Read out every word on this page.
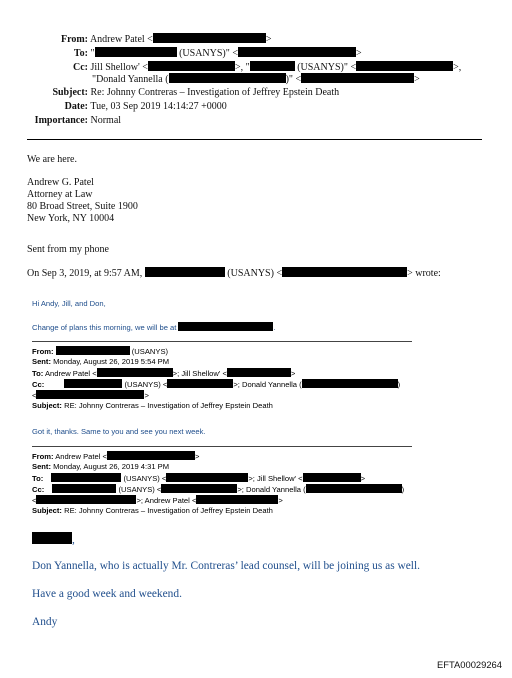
From: Andrew Patel <	>
To: "	(USANYS)" <	>
Cc: Jill Shellow' <	>, "	(USANYS)" <	>,
"Donald Yannella (	)" <	>
Subject: Re: Johnny Contreras – Investigation of Jeffrey Epstein Death
Date: Tue, 03 Sep 2019 14:14:27 +0000
Importance: Normal
We are here.
Andrew G. Patel
Attorney at Law
80 Broad Street, Suite 1900
New York, NY 10004
Sent from my phone
On Sep 3, 2019, at 9:57 AM,	(USANYS) <	> wrote:
Hi Andy, Jill, and Don,
Change of plans this morning, we will be at	.
From:	(USANYS)
Sent: Monday, August 26, 2019 5:54 PM
To: Andrew Patel <	>; Jill Shellow' <	>
Cc:	(USANYS) <	>; Donald Yannella (	)
<	>
Subject: RE: Johnny Contreras – Investigation of Jeffrey Epstein Death
Got it, thanks. Same to you and see you next week.
From: Andrew Patel <	>
Sent: Monday, August 26, 2019 4:31 PM
To:	(USANYS) <	>; Jill Shellow' <	>
Cc:	(USANYS) <	>; Donald Yannella (	)
<	>; Andrew Patel <	>
Subject: RE: Johnny Contreras – Investigation of Jeffrey Epstein Death
,
Don Yannella, who is actually Mr. Contreras’ lead counsel, will be joining us as well.
Have a good week and weekend.
Andy
EFTA00029264
